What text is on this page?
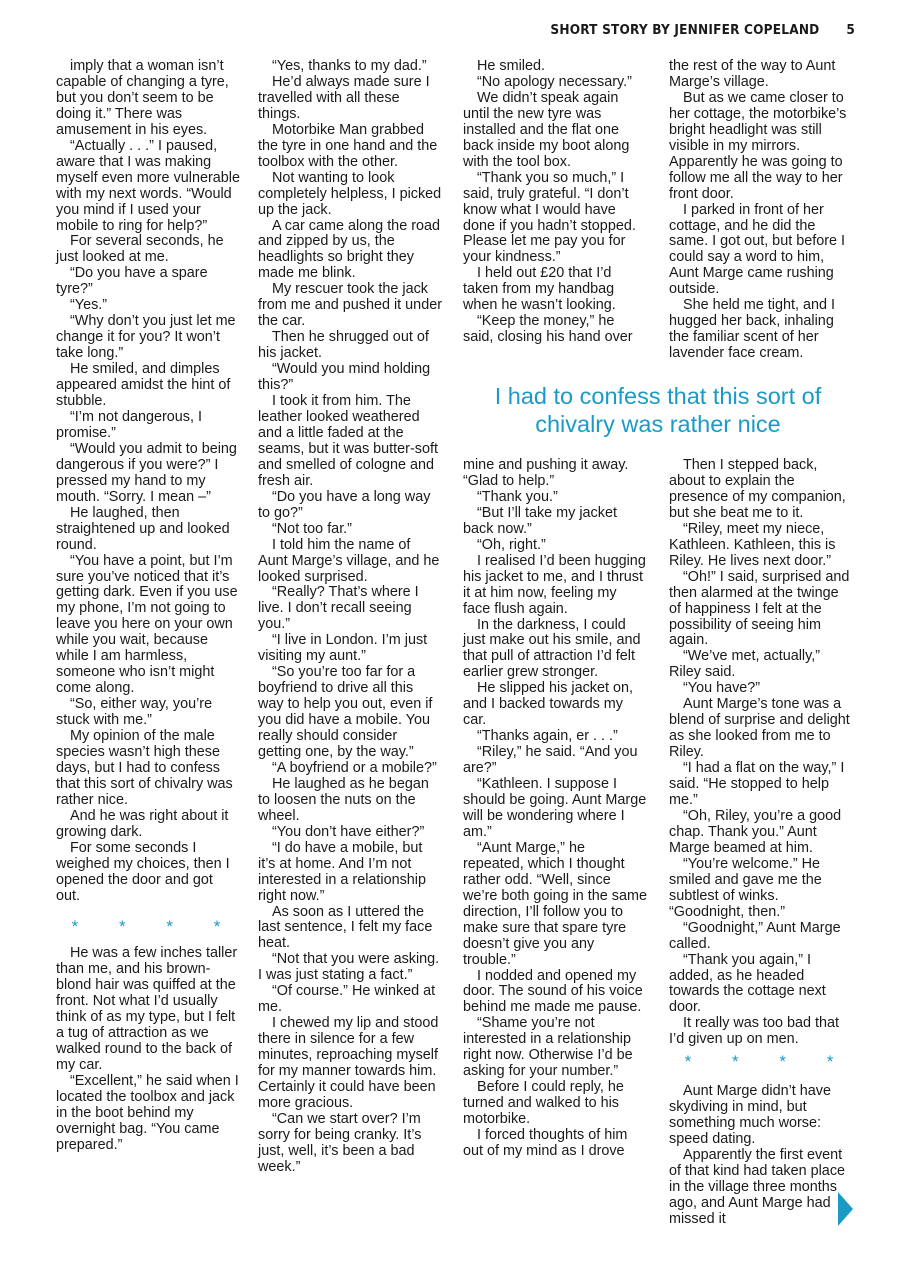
SHORT STORY BY JENNIFER COPELAND 5

imply that a woman isn’t capable of changing a tyre, but you don’t seem to be doing it.” There was amusement in his eyes.

“Actually . . .” I paused, aware that I was making myself even more vulnerable with my next words. “Would you mind if I used your mobile to ring for help?”

For several seconds, he just looked at me.

“Do you have a spare tyre?”

“Yes.”

“Why don’t you just let me change it for you? It won’t take long.”

He smiled, and dimples appeared amidst the hint of stubble.

“I’m not dangerous, I promise.”

“Would you admit to being dangerous if you were?” I pressed my hand to my mouth. “Sorry. I mean –”

He laughed, then straightened up and looked round.

“You have a point, but I’m sure you’ve noticed that it’s getting dark. Even if you use my phone, I’m not going to leave you here on your own while you wait, because while I am harmless, someone who isn’t might come along.

“So, either way, you’re stuck with me.”

My opinion of the male species wasn’t high these days, but I had to confess that this sort of chivalry was rather nice.

And he was right about it growing dark.

For some seconds I weighed my choices, then I opened the door and got out.

* * * *

He was a few inches taller than me, and his brown-blond hair was quiffed at the front. Not what I’d usually think of as my type, but I felt a tug of attraction as we walked round to the back of my car.

“Excellent,” he said when I located the toolbox and jack in the boot behind my overnight bag. “You came prepared.”

“Yes, thanks to my dad.”

He’d always made sure I travelled with all these things.

Motorbike Man grabbed the tyre in one hand and the toolbox with the other.

Not wanting to look completely helpless, I picked up the jack.

A car came along the road and zipped by us, the headlights so bright they made me blink.

My rescuer took the jack from me and pushed it under the car.

Then he shrugged out of his jacket.

“Would you mind holding this?”

I took it from him. The leather looked weathered and a little faded at the seams, but it was butter-soft and smelled of cologne and fresh air.

“Do you have a long way to go?”

“Not too far.”

I told him the name of Aunt Marge’s village, and he looked surprised.

“Really? That’s where I live. I don’t recall seeing you.”

“I live in London. I’m just visiting my aunt.”

“So you’re too far for a boyfriend to drive all this way to help you out, even if you did have a mobile. You really should consider getting one, by the way.”

“A boyfriend or a mobile?”

He laughed as he began to loosen the nuts on the wheel.

“You don’t have either?”

“I do have a mobile, but it’s at home. And I’m not interested in a relationship right now.”

As soon as I uttered the last sentence, I felt my face heat.

“Not that you were asking. I was just stating a fact.”

“Of course.” He winked at me.

I chewed my lip and stood there in silence for a few minutes, reproaching myself for my manner towards him. Certainly it could have been more gracious.

“Can we start over? I’m sorry for being cranky. It’s just, well, it’s been a bad week.”

He smiled.

“No apology necessary.”

We didn’t speak again until the new tyre was installed and the flat one back inside my boot along with the tool box.

“Thank you so much,” I said, truly grateful. “I don’t know what I would have done if you hadn’t stopped. Please let me pay you for your kindness.”

I held out £20 that I’d taken from my handbag when he wasn’t looking.

“Keep the money,” he said, closing his hand over

the rest of the way to Aunt Marge’s village.

But as we came closer to her cottage, the motorbike’s bright headlight was still visible in my mirrors. Apparently he was going to follow me all the way to her front door.

I parked in front of her cottage, and he did the same. I got out, but before I could say a word to him, Aunt Marge came rushing outside.

She held me tight, and I hugged her back, inhaling the familiar scent of her lavender face cream.

I had to confess that this sort of chivalry was rather nice

mine and pushing it away. “Glad to help.”

“Thank you.”

“But I’ll take my jacket back now.”

“Oh, right.”

I realised I’d been hugging his jacket to me, and I thrust it at him now, feeling my face flush again.

In the darkness, I could just make out his smile, and that pull of attraction I’d felt earlier grew stronger.

He slipped his jacket on, and I backed towards my car.

“Thanks again, er . . .”

“Riley,” he said. “And you are?”

“Kathleen. I suppose I should be going. Aunt Marge will be wondering where I am.”

“Aunt Marge,” he repeated, which I thought rather odd. “Well, since we’re both going in the same direction, I’ll follow you to make sure that spare tyre doesn’t give you any trouble.”

I nodded and opened my door. The sound of his voice behind me made me pause.

“Shame you’re not interested in a relationship right now. Otherwise I’d be asking for your number.”

Before I could reply, he turned and walked to his motorbike.

I forced thoughts of him out of my mind as I drove

Then I stepped back, about to explain the presence of my companion, but she beat me to it.

“Riley, meet my niece, Kathleen. Kathleen, this is Riley. He lives next door.”

“Oh!” I said, surprised and then alarmed at the twinge of happiness I felt at the possibility of seeing him again.

“We’ve met, actually,” Riley said.

“You have?”

Aunt Marge’s tone was a blend of surprise and delight as she looked from me to Riley.

“I had a flat on the way,” I said. “He stopped to help me.”

“Oh, Riley, you’re a good chap. Thank you.” Aunt Marge beamed at him.

“You’re welcome.” He smiled and gave me the subtlest of winks. “Goodnight, then.”

“Goodnight,” Aunt Marge called.

“Thank you again,” I added, as he headed towards the cottage next door.

It really was too bad that I’d given up on men.

* * * *

Aunt Marge didn’t have skydiving in mind, but something much worse: speed dating.

Apparently the first event of that kind had taken place in the village three months ago, and Aunt Marge had missed it
